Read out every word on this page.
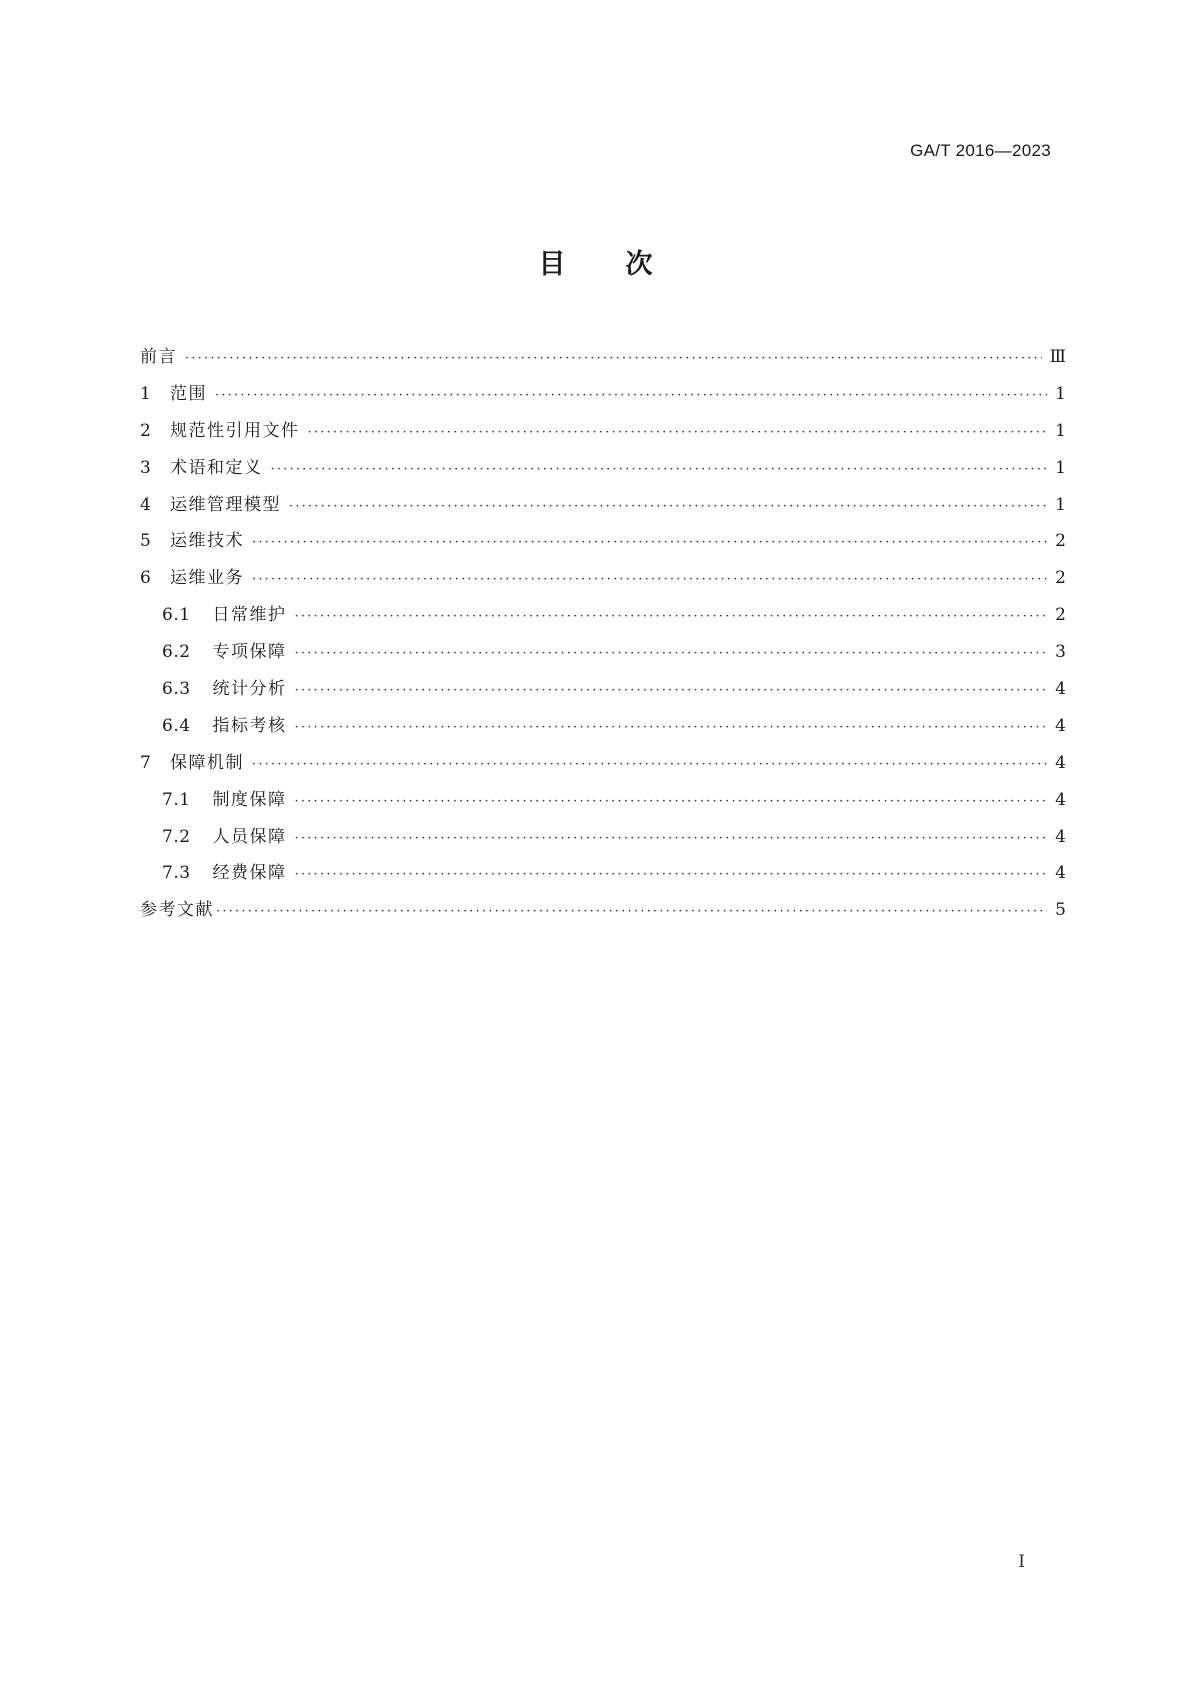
GA/T 2016—2023
目次
前言 ·····	Ⅲ
1 范围 ·····	1
2 规范性引用文件 ·····	1
3 术语和定义 ·····	1
4 运维管理模型 ·····	1
5 运维技术 ·····	2
6 运维业务 ·····	2
6.1 日常维护 ·····	2
6.2 专项保障 ·····	3
6.3 统计分析 ·····	4
6.4 指标考核 ·····	4
7 保障机制 ·····	4
7.1 制度保障 ·····	4
7.2 人员保障 ·····	4
7.3 经费保障 ·····	4
参考文献 ·····	5
Ⅰ
